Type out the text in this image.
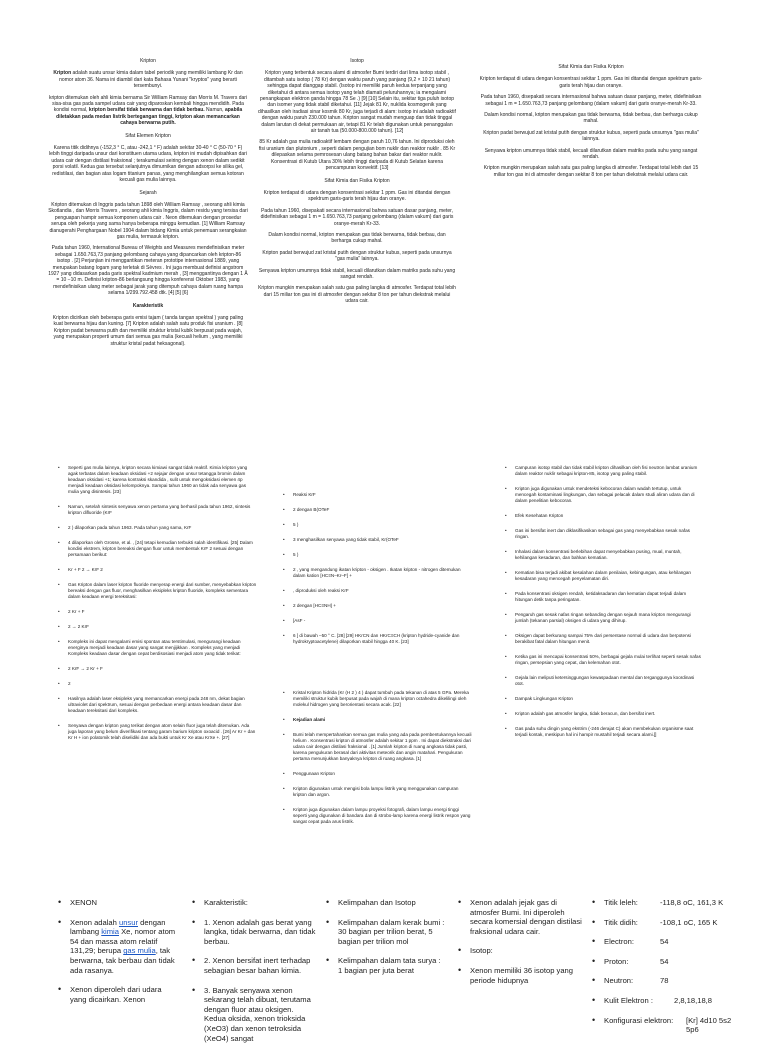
Kripton

Kripton adalah suatu unsur kimia dalam tabel periodik yang memiliki lambang Kr dan nomor atom 36. Nama ini diambil dari kata Bahasa Yunani "kryptos" yang berarti tersembunyi.

kripton ditemukan oleh ahli kimia bernama Sir William Ramsay dan Morris M. Travers dari sisa-sisa gas pada sampel udara cair yang diparoskan kembali hingga mendidih. Pada kondisi normal, kripton bersifat tidak berwarna dan tidak berbau. Namun, apabila diletakkan pada medan listrik bertegangan tinggi, kripton akan memancarkan cahaya berwarna putih.

Sifat Elemen Kripton

Karena titik didihnya (-152,3 ° C, atau -242,1 ° F) adalah sekitar 30-40 ° C (50-70 ° F) lebih tinggi daripada unsur dari konstituen utama udara, kripton ini mudah dipisahkan dari udara cair dengan distilasi fraksional ; terakumulasi seiring dengan xenon dalam sedikit porsi volatil. Kedua gas tersebut selanjutnya dimurnikan dengan adsorpsi ke silika gel, redistilasi, dan bagian atas logam titanium panas, yang menghilangkan semua kotoran kecuali gas mulia lainnya.

Sejarah

Kripton ditemukan di Inggris pada tahun 1898 oleh William Ramsay , seorang ahli kimia Skotlandia , dan Morris Travers , seorang ahli kimia Inggris, dalam residu yang tersisa dari penguapan hampir semua komponen udara cair . Neon ditemukan dengan prosedur serupa oleh pekerja yang sama hanya beberapa minggu kemudian. [1] William Ramsay dianugerahi Penghargaan Nobel 1904 dalam bidang Kimia untuk penemuan serangkaian gas mulia, termasuk kripton.

Pada tahun 1960, International Bureau of Weights and Measures mendefinisikan meter sebagai 1.650.763,73 panjang gelombang cahaya yang dipancarkan oleh kripton-86 isotop . [2] Perjanjian ini menggantikan meteran prototipe internasional 1889, yang merupakan batang logam yang terletak di Sèvres . Ini juga membuat definisi angstrom 1927 yang didasarkan pada garis spektral kadmium merah , [3] menggantinya dengan 1 Å = 10 −10 m. Definisi kripton-86 berlangsung hingga konferensi Oktober 1983, yang mendefinisikan ulang meter sebagai jarak yang ditempuh cahaya dalam ruang hampa selama 1/299.792.458 dtk. [4] [5] [6]

Karakteristik

Kripton dicirikan oleh beberapa garis emisi tajam ( tanda tangan spektral ) yang paling kuat berwarna hijau dan kuning. [7] Kripton adalah salah satu produk fisi uranium . [8] Kripton padat berwarna putih dan memiliki struktur kristal kubik berpusat pada wajah, yang merupakan properti umum dari semua gas mulia (kecuali helium , yang memiliki struktur kristal padat heksagonal).

Isotop

Kripton yang terbentuk secara alami di atmosfer Bumi terdiri dari lima isotop stabil , ditambah satu isotop ( 78 Kr) dengan waktu paruh yang panjang (9,2 × 10 21 tahun) sehingga dapat dianggap stabil. (Isotop ini memiliki paruh kedua terpanjang yang diketahui di antara semua isotop yang telah diamati peluruhannya; ia mengalami penangkapan elektron ganda hingga 78 Se .) [9] [10] Selain itu, sekitar tiga puluh isotop dan isomer yang tidak stabil diketahui. [11] Jejak 81 Kr, nuklida kosmogenik yang dihasilkan oleh iradiasi sinar kosmik 80 Kr, juga terjadi di alam: isotop ini adalah radioaktif dengan waktu paruh 230.000 tahun. Kripton sangat mudah menguap dan tidak tinggal dalam larutan di dekat permukaan air, tetapi 81 Kr telah digunakan untuk penanggalan air tanah tua (50.000-800.000 tahun). [12]

85 Kr adalah gas mulia radioaktif lembam dengan paruh 10,76 tahun. Ini diproduksi oleh fisi uranium dan plutonium , seperti dalam pengujian bom nuklir dan reaktor nuklir . 85 Kr dilepaskan selama pemrosesan ulang batang bahan bakar dari reaktor nuklir. Konsentrasi di Kutub Utara 30% lebih tinggi daripada di Kutub Selatan karena pencampuran konvektif. [13]

Sifat Kimia dan Fisika Kripton

Kripton terdapat di udara dengan konsentrasi sekitar 1 ppm. Gas ini ditandai dengan spektrum garis-garis terah hijau dan oranye.

Pada tahun 1960, disepakati secara internasional bahwa satuan dasar panjang, meter, didefinisikan sebagai 1 m = 1.650.763,73 panjang gelombang (dalam vakum) dari garis oranye-merah Kr-33.

Dalam kondisi normal, kripton merupakan gas tidak berwarna, tidak berbau, dan berharga cukup mahal.

Kripton padat berwujud zat kristal putih dengan struktur kubus, seperti pada unsurnya "gas mulia" lainnya.

Senyawa kripton umumnya tidak stabil, kecuali dilarutkan dalam matriks pada suhu yang sangat rendah.

Kripton mungkin merupakan salah satu gas paling langka di atmosfer. Terdapat total lebih dari 15 miliar ton gas ini di atmosfer dengan sekitar 8 ton per tahun diekstrak melalui udara cair.

Sifat Kimia dan Fisika Kripton

Kripton terdapat di udara dengan konsentrasi sekitar 1 ppm. Gas ini ditandai dengan spektrum garis-garis terah hijau dan oranye.

Pada tahun 1960, disepakati secara internasional bahwa satuan dasar panjang, meter, didefinisikan sebagai 1 m = 1.650.763,73 panjang gelombang (dalam vakum) dari garis oranye-merah Kr-33.

Dalam kondisi normal, kripton merupakan gas tidak berwarna, tidak berbau, dan berharga cukup mahal.

Kripton padat berwujud zat kristal putih dengan struktur kubus, seperti pada unsurnya "gas mulia" lainnya.

Senyawa kripton umumnya tidak stabil, kecuali dilarutkan dalam matriks pada suhu yang sangat rendah.

Kripton mungkin merupakan salah satu gas paling langka di atmosfer. Terdapat total lebih dari 15 miliar ton gas ini di atmosfer dengan sekitar 8 ton per tahun diekstrak melalui udara cair.

• Seperti gas mulia lainnya, kripton secara kimiawi sangat tidak reaktif. Kimia kripton yang agak terbatas dalam keadaan oksidasi +2 sejajar dengan unsur tetangga bromin dalam keadaan oksidasi +1; karena kontraksi skandida , sulit untuk mengoksidasi elemen 4p menjadi keadaan oksidasi kelompoknya. Sampai tahun 1960 an tidak ada senyawa gas mulia yang disintesis. [23]
• Namun, setelah sintesis senyawa xenon pertama yang berhasil pada tahun 1962, sintesis kripton difluoride (KrF
• 2 ) dilaporkan pada tahun 1963. Pada tahun yang sama, KrF
• 4 dilaporkan oleh Grosse, et al. , [24] tetapi kemudian terbukti salah identifikasi. [25] Dalam kondisi ekstrem, kripton bereaksi dengan fluor untuk membentuk KrF 2 sesuai dengan persamaan berikut:
• Kr + F 2 → KrF 2
• Gas Kripton dalam laser kripton fluoride menyerap energi dari sumber, menyebabkan kripton bereaksi dengan gas fluor, menghasilkan eksipleks kripton fluoride, kompleks sementara dalam keadaan energi tereksitasi:
• 2 Kr + F
• 2 → 2 KrF
• Kompleks ini dapat mengalami emisi spontan atau terstimulasi, mengurangi keadaan energinya menjadi keadaan dasar yang sangat menjijikkan . Kompleks yang menjadi Kompleks keadaan dasar dengan cepat berdisosiasi menjadi atom yang tidak terikat:
• 2 KrF → 2 Kr + F
• 2
• Hasilnya adalah laser eksipleks yang memancarkan energi pada 248 nm, dekat bagian ultraviolet dari spektrum, sesuai dengan perbedaan energi antara keadaan dasar dan keadaan tereksitasi dari kompleks.
• Senyawa dengan kripton yang terikat dengan atom selain fluor juga telah ditemukan. Ada juga laporan yang belum diverifikasi tentang garam barium kripton oxoacid . [26] Ar Kr + dan Kr H + ion polatomik telah diselidiki dan ada bukti untuk Kr Xe atau KrXe +. [27]
• Reaksi KrF
• 2 dengan B(OTeF
• 5 )
• 3 menghasilkan senyawa yang tidak stabil, Kr(OTeF
• 5 )
• 2 , yang mengandung ikatan kripton - oksigen . Ikatan kripton - nitrogen ditemukan dalam kation [HC≡N–Kr–F] +
• , diproduksi oleh reaksi KrF
• 2 dengan [HC≡NH] +
• [AsF -
• 6 ] di bawah –50 ° C. [28] [29] HKrCN dan HKrC≡CH (kripton hydride-cyanide dan hydrokryptoacetylene) dilaporkan stabil hingga 40 K. [23]
• Kristal Kripton hidrida (Kr (H 2 ) 4 ) dapat tumbuh pada tekanan di atas 5 GPa. Mereka memiliki struktur kubik berpusat pada wajah di mana kripton octahedra dikelilingi oleh molekul hidrogen yang berorientasi secara acak. [22]
• Kejadian alami
• Bumi telah mempertahankan semua gas mulia yang ada pada pembentukannya kecuali helium . Konsentrasi kripton di atmosfer adalah sekitar 1 ppm . Ini dapat diekstraksi dari udara cair dengan distilasi fraksional . [1] Jumlah kripton di ruang angkasa tidak pasti, karena pengukuran berasal dari aktivitas meteorik dan angin matahari. Pengukuran pertama menunjukkan banyaknya kripton di ruang angkasa. [1]
• Penggunaan Kripton
• Kripton digunakan untuk mengisi bola lampu listrik yang menggunakan campuran kripton dan argon.
• Kripton juga digunakan dalam lampu proyeksi fotografi, dalam lampu energi tinggi seperti yang digunakan di bandara dan di strobo-lamp karena energi listrik respon yang sangat cepat pada arus listrik.
• Campuran isotop stabil dan tidak stabil kripton dihasilkan oleh fisi neutron lambat uranium dalam reaktor nuklir sebagai kripton-85, isotop yang paling stabil.
• Kripton juga digunakan untuk mendeteksi kebocoran dalam wadah tertutup, untuk mencegah kontaminasi lingkungan, dan sebagai pelacak dalam studi aliran udara dan di dalam penelitian kebocoran.
• Efek Kesehatan Kripton
• Gas ini bersifat inert dan diklasifikasikan sebagai gas yang menyebabkan sesak nafas ringan.
• Inhalasi dalam konsentrasi berlebihan dapat menyebabkan pusing, mual, muntah, kehilangan kesadaran, dan bahkan kematian.
• Kematian bisa terjadi akibat kesalahan dalam penilaian, kebingungan, atau kehilangan kesadaran yang mencegah penyelamatan diri.
• Pada konsentrasi oksigen rendah, ketidaksadaran dan kematian dapat terjadi dalam hitungan detik tanpa peringatan.
• Pengaruh gas sesak nafas ringan sebanding dengan sejauh mana kripton mengurangi jumlah (tekanan parsial) oksigen di udara yang dihirup.
• Oksigen dapat berkurang sampai 75% dari persentase normal di udara dan berpotensi berakibat fatal dalam hitungan menit.
• Ketika gas ini mencapai konsentrasi 50%, berbagai gejala mulai terlihat seperti sesak nafas ringan, persepsian yang cepat, dan kelemahan otot.
• Gejala lain meliputi ketersinggungan kewaspadaan mental dan terganggunya koordinasi otot.
• Dampak Lingkungan Kripton
• Kripton adalah gas atmosfer langka, tidak beracun, dan bersifat inert.
• Gas pada suhu dingin yang ekstrim (-246 derajat C) akan membekukan organisme saat terjadi kontak, meskipun hal ini hampir mustahil terjadi secara alami.[]
• XENON
• Xenon adalah unsur dengan lambang kimia Xe, nomor atom 54 dan massa atom relatif 131,29; berupa gas mulia, tak berwarna, tak berbau dan tidak ada rasanya.
• Xenon diperoleh dari udara yang dicairkan. Xenon
• Karakteristik:
• 1. Xenon adalah gas berat yang langka, tidak berwarna, dan tidak berbau.
• 2. Xenon bersifat inert terhadap sebagian besar bahan kimia.
• 3. Banyak senyawa xenon sekarang telah dibuat, terutama dengan fluor atau oksigen. Kedua oksida, xenon trioksida (XeO3) dan xenon tetroksida (XeO4) sangat
• Kelimpahan dan Isotop
• Kelimpahan dalam kerak bumi : 30 bagian per trilion berat, 5 bagian per trilion mol
• Kelimpahan dalam tata surya : 1 bagian per juta berat
• Xenon adalah jejak gas di atmosfer Bumi. Ini diperoleh secara komersial dengan distilasi fraksional udara cair.
• Isotop:
• Xenon memiliki 36 isotop yang periode hidupnya
• Titik leleh:	-118,8 oC, 161,3 K
• Titik didih:	-108,1 oC, 165 K
• Electron:	54
• Proton:	54
• Neutron:	78
• Kulit Elektron :	2,8,18,18,8
• Konfigurasi elektron:	[Kr] 4d10 5s2 5p6
